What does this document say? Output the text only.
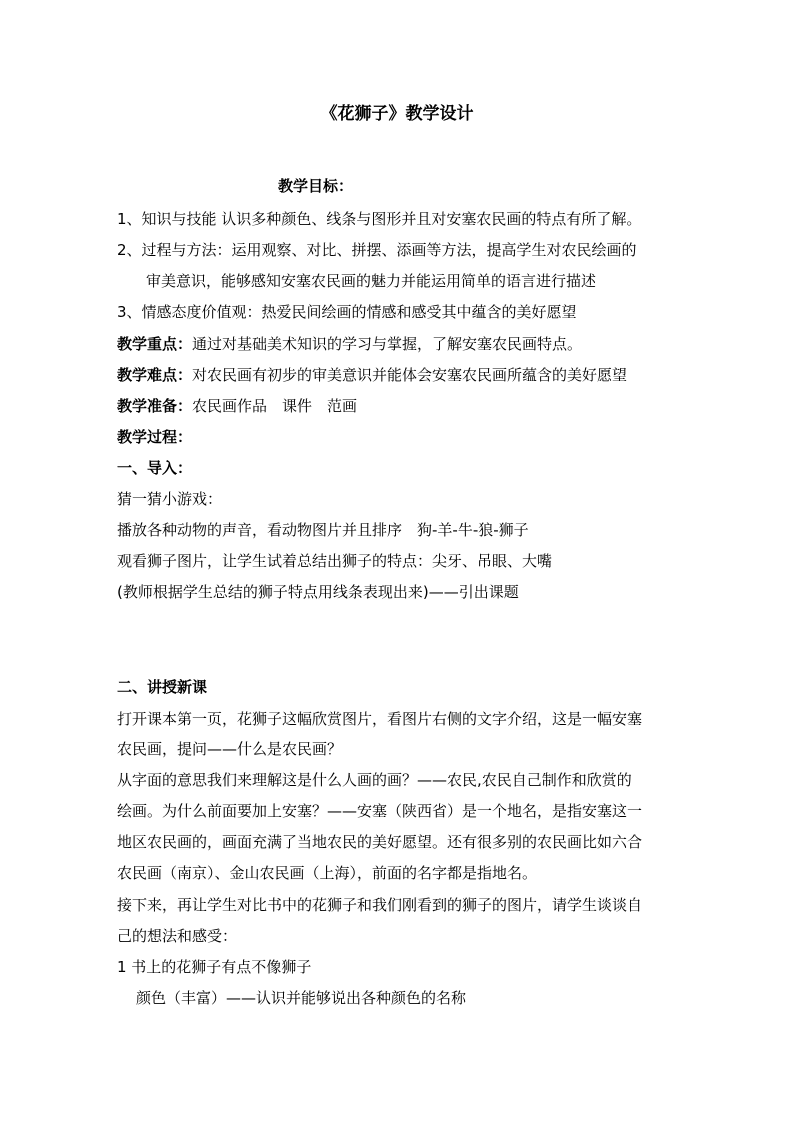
《花狮子》教学设计
教学目标：
1、知识与技能 认识多种颜色、线条与图形并且对安塞农民画的特点有所了解。
2、过程与方法：运用观察、对比、拼摆、添画等方法，提高学生对农民绘画的
审美意识，能够感知安塞农民画的魅力并能运用简单的语言进行描述
3、情感态度价值观：热爱民间绘画的情感和感受其中蕴含的美好愿望
教学重点：通过对基础美术知识的学习与掌握，了解安塞农民画特点。
教学难点：对农民画有初步的审美意识并能体会安塞农民画所蕴含的美好愿望
教学准备：农民画作品　课件　范画
教学过程：
一、导入：
猜一猜小游戏：
播放各种动物的声音，看动物图片并且排序　狗-羊-牛-狼-狮子
观看狮子图片，让学生试着总结出狮子的特点：尖牙、吊眼、大嘴
(教师根据学生总结的狮子特点用线条表现出来)——引出课题
二、讲授新课
打开课本第一页，花狮子这幅欣赏图片，看图片右侧的文字介绍，这是一幅安塞
农民画，提问——什么是农民画？
从字面的意思我们来理解这是什么人画的画？——农民,农民自己制作和欣赏的
绘画。为什么前面要加上安塞？——安塞（陕西省）是一个地名，是指安塞这一
地区农民画的，画面充满了当地农民的美好愿望。还有很多别的农民画比如六合
农民画（南京）、金山农民画（上海），前面的名字都是指地名。
接下来，再让学生对比书中的花狮子和我们刚看到的狮子的图片，请学生谈谈自
己的想法和感受：
1 书上的花狮子有点不像狮子
颜色（丰富）——认识并能够说出各种颜色的名称
